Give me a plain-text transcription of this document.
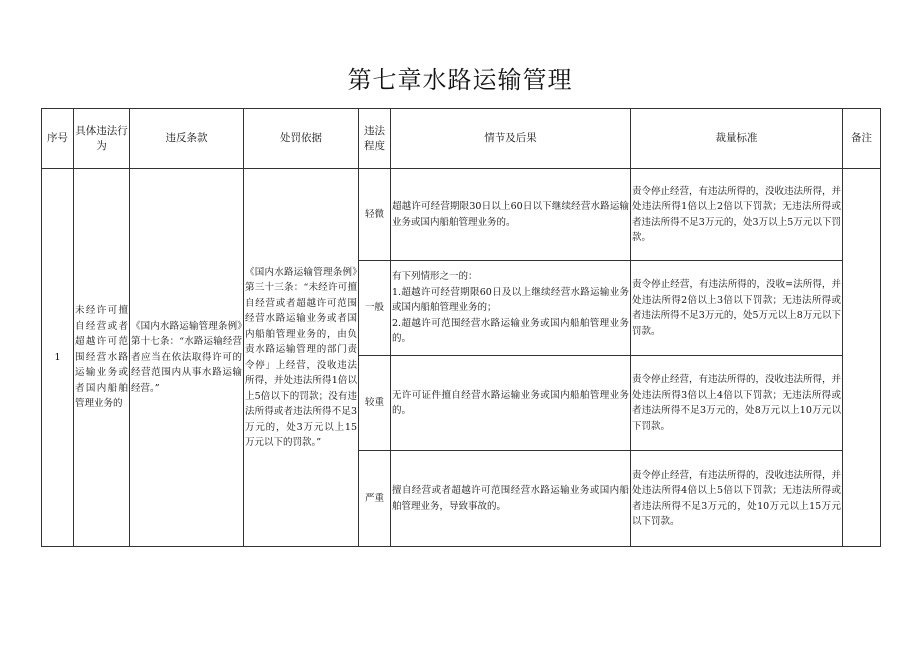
第七章水路运输管理
序号	具体违法行为	违反条款	处罚依据	违法程度	情节及后果	裁量标准	备注
1	未经许可擅自经营或者超越许可范围经营水路运输业务或者国内船舶管理业务的	《国内水路运输管理条例》第十七条：“水路运输经营者应当在依法取得许可的经营范围内从事水路运输经营。”	《国内水路运输管理条例》第三十三条：“未经许可擅自经营或者超越许可范围经营水路运输业务或者国内船舶管理业务的，由负责水路运输管理的部门责令停」上经营，没收违法所得，并处违法所得1倍以上5倍以下的罚款；没有违法所得或者违法所得不足3万元的，处3万元以上15万元以下的罚款。”	轻微	超越许可经营期限30日以上60日以下继续经营水路运输业务或国内船舶管理业务的。	责令停止经营，有违法所得的，没收违法所得，并处违法所得1倍以上2倍以下罚款；无违法所得或者违法所得不足3万元的，处3万以上5万元以下罚款。	
				一般	有下列情形之一的：
1.超越许可经营期限60日及以上继续经营水路运输业务或国内船舶管理业务的；
2.超越许可范围经营水路运输业务或国内船舶管理业务的。	责令停止经营，有违法所得的，没收=法所得，并处违法所得2倍以上3倍以下罚款；无违法所得或者违法所得不足3万元的，处5万元以上8万元以下罚款。	
				较重	无许可证件擅自经营水路运输业务或国内船舶管理业务的。	责令停止经营，有违法所得的，没收违法所得，并处违法所得3倍以上4倍以下罚款；无违法所得或者违法所得不足3万元的，处8万元以上10万元以下罚款。	
				严重	擅自经营或者超越许可范围经营水路运输业务或国内船舶管理业务，导致事故的。	责令停止经营，有违法所得的，没收违法所得，并处违法所得4倍以上5倍以下罚款；无违法所得或者违法所得不足3万元的，处10万元以上15万元以下罚款。	
